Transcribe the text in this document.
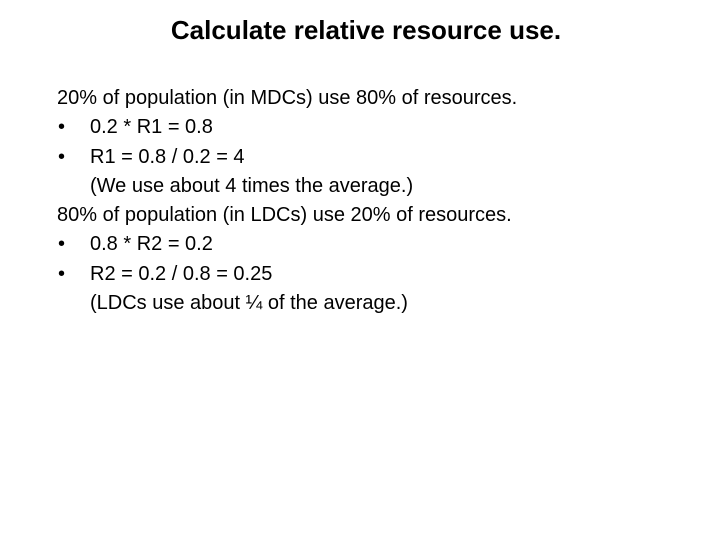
Calculate relative resource use.
20% of population (in MDCs) use 80% of resources.
• 0.2 * R1 = 0.8
• R1 = 0.8 / 0.2 = 4
(We use about 4 times the average.)
80% of population (in LDCs) use 20% of resources.
• 0.8 * R2 = 0.2
• R2 = 0.2 / 0.8 = 0.25
(LDCs use about ¼ of the average.)
